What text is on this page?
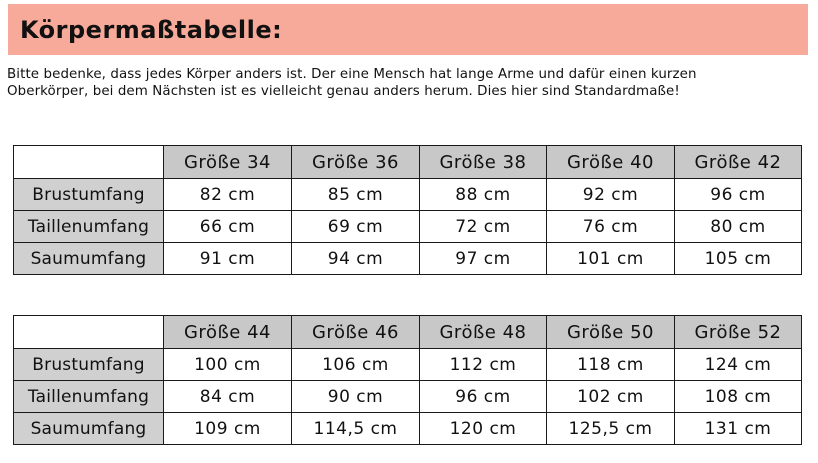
Körpermaßtabelle:
Bitte bedenke, dass jedes Körper anders ist. Der eine Mensch hat lange Arme und dafür einen kurzen
Oberkörper, bei dem Nächsten ist es vielleicht genau anders herum. Dies hier sind Standardmaße!
	Größe 34	Größe 36	Größe 38	Größe 40	Größe 42
Brustumfang	82 cm	85 cm	88 cm	92 cm	96 cm
Taillenumfang	66 cm	69 cm	72 cm	76 cm	80 cm
Saumumfang	91 cm	94 cm	97 cm	101 cm	105 cm
	Größe 44	Größe 46	Größe 48	Größe 50	Größe 52
Brustumfang	100 cm	106 cm	112 cm	118 cm	124 cm
Taillenumfang	84 cm	90 cm	96 cm	102 cm	108 cm
Saumumfang	109 cm	114,5 cm	120 cm	125,5 cm	131 cm
